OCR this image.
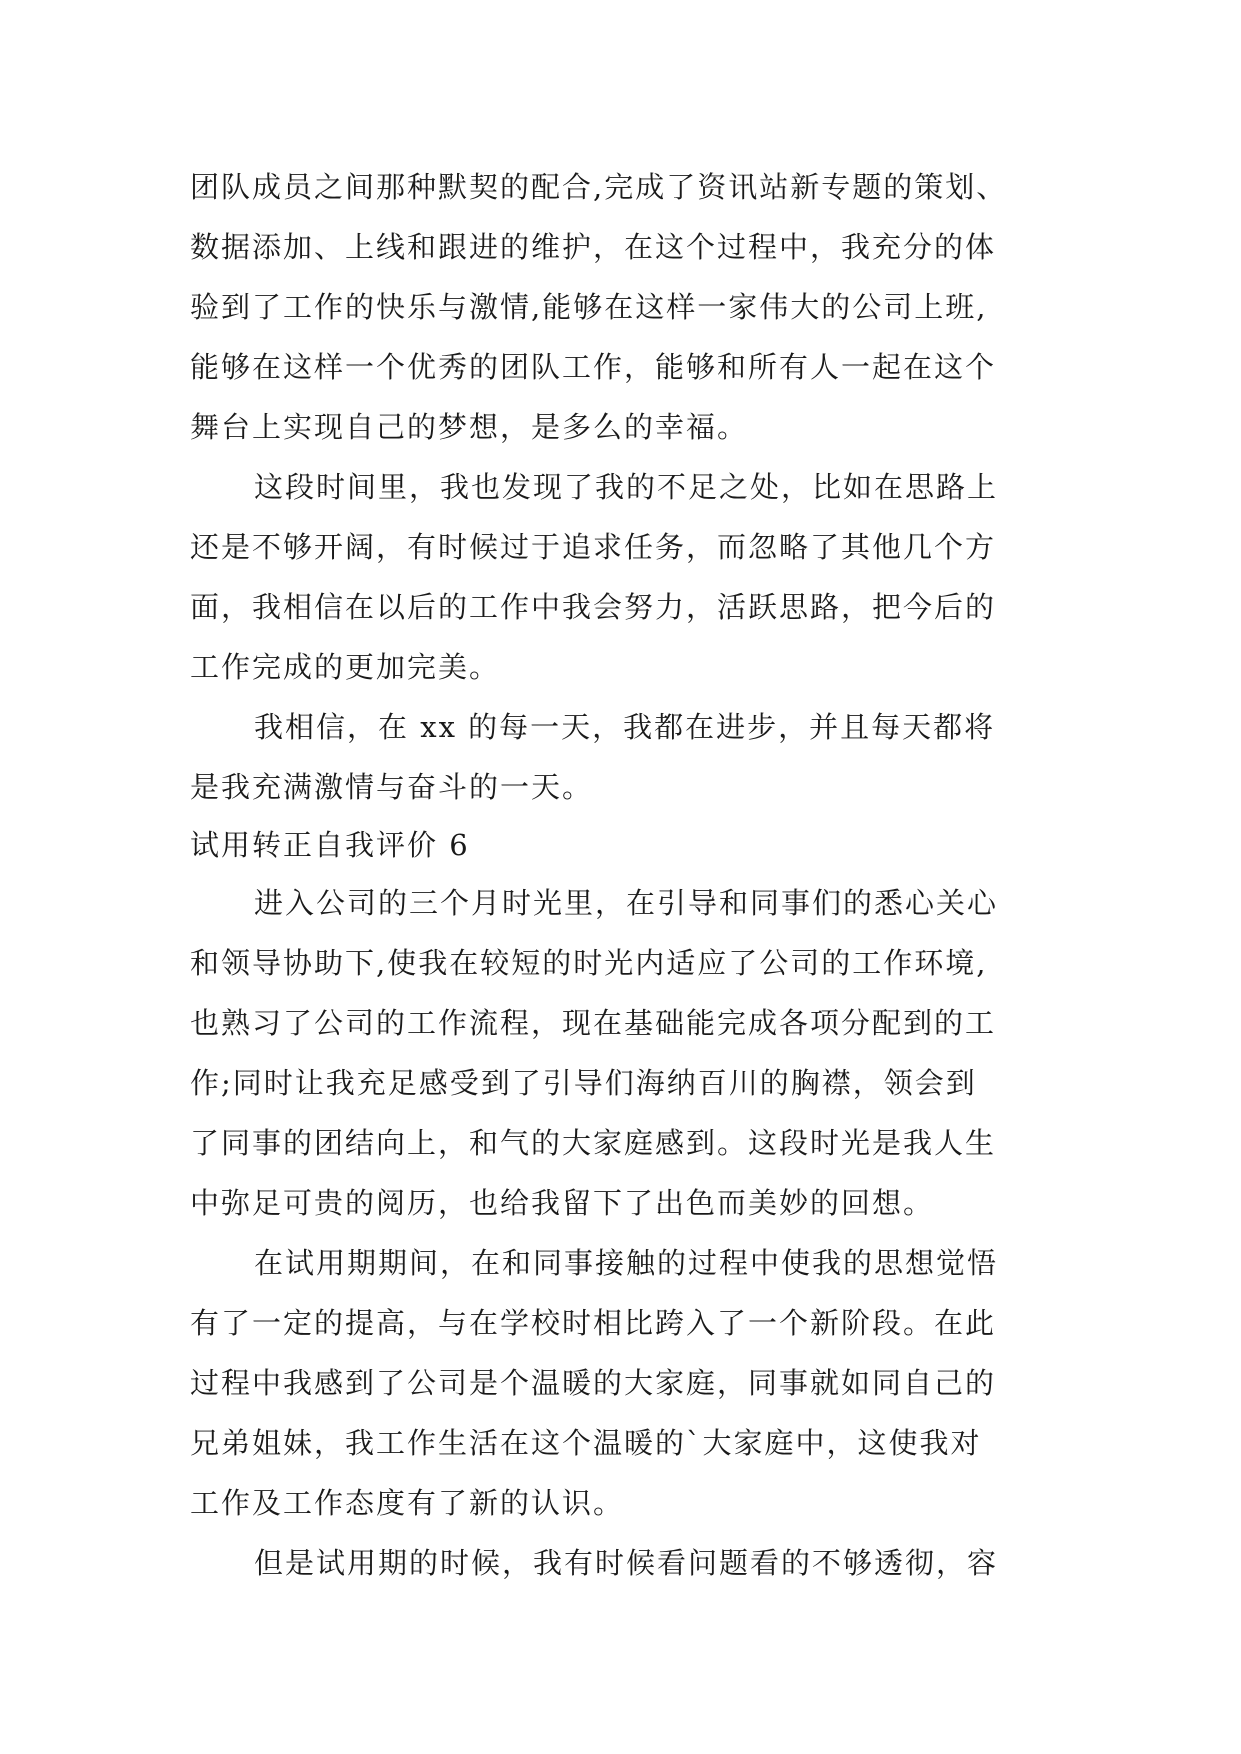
团队成员之间那种默契的配合,完成了资讯站新专题的策划、

数据添加、上线和跟进的维护，在这个过程中，我充分的体

验到了工作的快乐与激情,能够在这样一家伟大的公司上班,

能够在这样一个优秀的团队工作，能够和所有人一起在这个

舞台上实现自己的梦想，是多么的幸福。

这段时间里，我也发现了我的不足之处，比如在思路上

还是不够开阔，有时候过于追求任务，而忽略了其他几个方

面，我相信在以后的工作中我会努力，活跃思路，把今后的

工作完成的更加完美。

我相信，在 xx 的每一天，我都在进步，并且每天都将

是我充满激情与奋斗的一天。

试用转正自我评价 6

进入公司的三个月时光里，在引导和同事们的悉心关心

和领导协助下,使我在较短的时光内适应了公司的工作环境,

也熟习了公司的工作流程，现在基础能完成各项分配到的工

作;同时让我充足感受到了引导们海纳百川的胸襟，领会到

了同事的团结向上，和气的大家庭感到。这段时光是我人生

中弥足可贵的阅历，也给我留下了出色而美妙的回想。

在试用期期间，在和同事接触的过程中使我的思想觉悟

有了一定的提高，与在学校时相比跨入了一个新阶段。在此

过程中我感到了公司是个温暖的大家庭，同事就如同自己的

兄弟姐妹，我工作生活在这个温暖的`大家庭中，这使我对

工作及工作态度有了新的认识。

但是试用期的时候，我有时候看问题看的不够透彻，容
